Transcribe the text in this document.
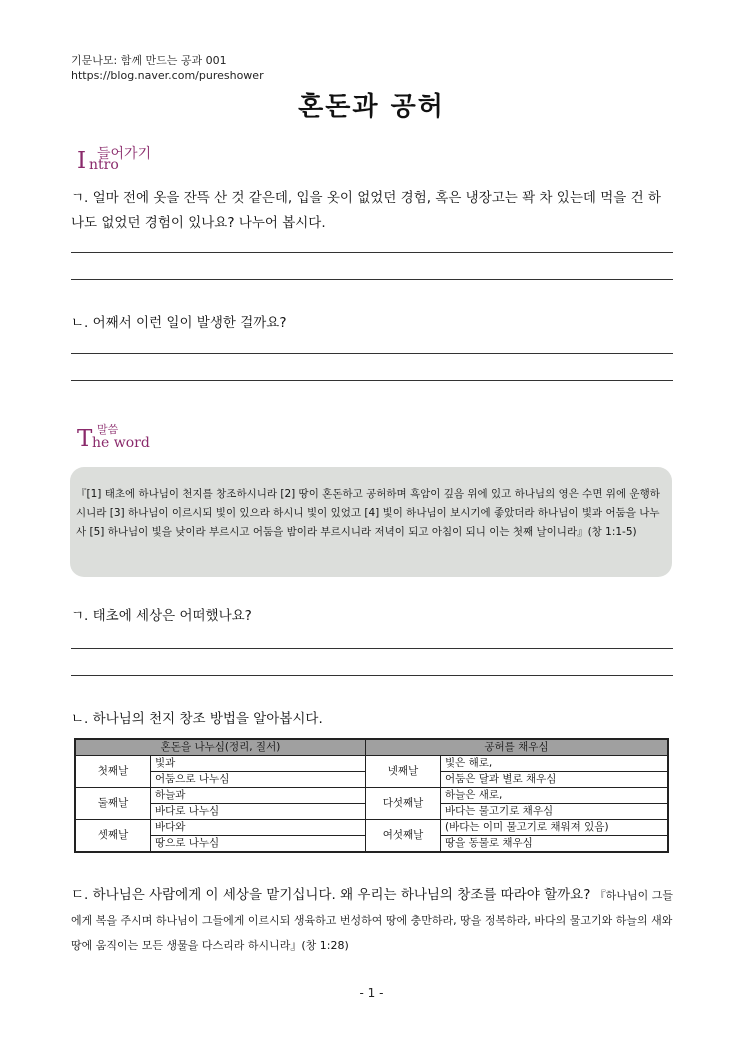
기문나모: 함께 만드는 공과 001
https://blog.naver.com/pureshower
혼돈과 공허
I ntro
들어가기
ㄱ. 얼마 전에 옷을 잔뜩 산 것 같은데, 입을 옷이 없었던 경험, 혹은 냉장고는 꽉 차 있는데 먹을 건 하나도 없었던 경험이 있나요? 나누어 봅시다.
ㄴ. 어째서 이런 일이 발생한 걸까요?
T he word
말씀
『[1] 태초에 하나님이 천지를 창조하시니라 [2] 땅이 혼돈하고 공허하며 흑암이 깊음 위에 있고 하나님의 영은 수면 위에 운행하시니라 [3] 하나님이 이르시되 빛이 있으라 하시니 빛이 있었고 [4] 빛이 하나님이 보시기에 좋았더라 하나님이 빛과 어둠을 나누사 [5] 하나님이 빛을 낮이라 부르시고 어둠을 밤이라 부르시니라 저녁이 되고 아침이 되니 이는 첫째 날이니라』(창 1:1-5)
ㄱ. 태초에 세상은 어떠했나요?
ㄴ. 하나님의 천지 창조 방법을 알아봅시다.
혼돈을 나누심(정리, 질서)		공허를 채우심	
첫째날	빛과	넷째날	빛은 해로,
	어둠으로 나누심		어둠은 달과 별로 채우심
둘째날	하늘과	다섯째날	하늘은 새로,
	바다로 나누심		바다는 물고기로 채우심
셋째날	바다와	여섯째날	(바다는 이미 물고기로 채워져 있음)
	땅으로 나누심		땅을 동물로 채우심
ㄷ. 하나님은 사람에게 이 세상을 맡기십니다. 왜 우리는 하나님의 창조를 따라야 할까요? 『하나님이 그들에게 복을 주시며 하나님이 그들에게 이르시되 생육하고 번성하여 땅에 충만하라, 땅을 정복하라, 바다의 물고기와 하늘의 새와 땅에 움직이는 모든 생물을 다스리라 하시니라』(창 1:28)
- 1 -
